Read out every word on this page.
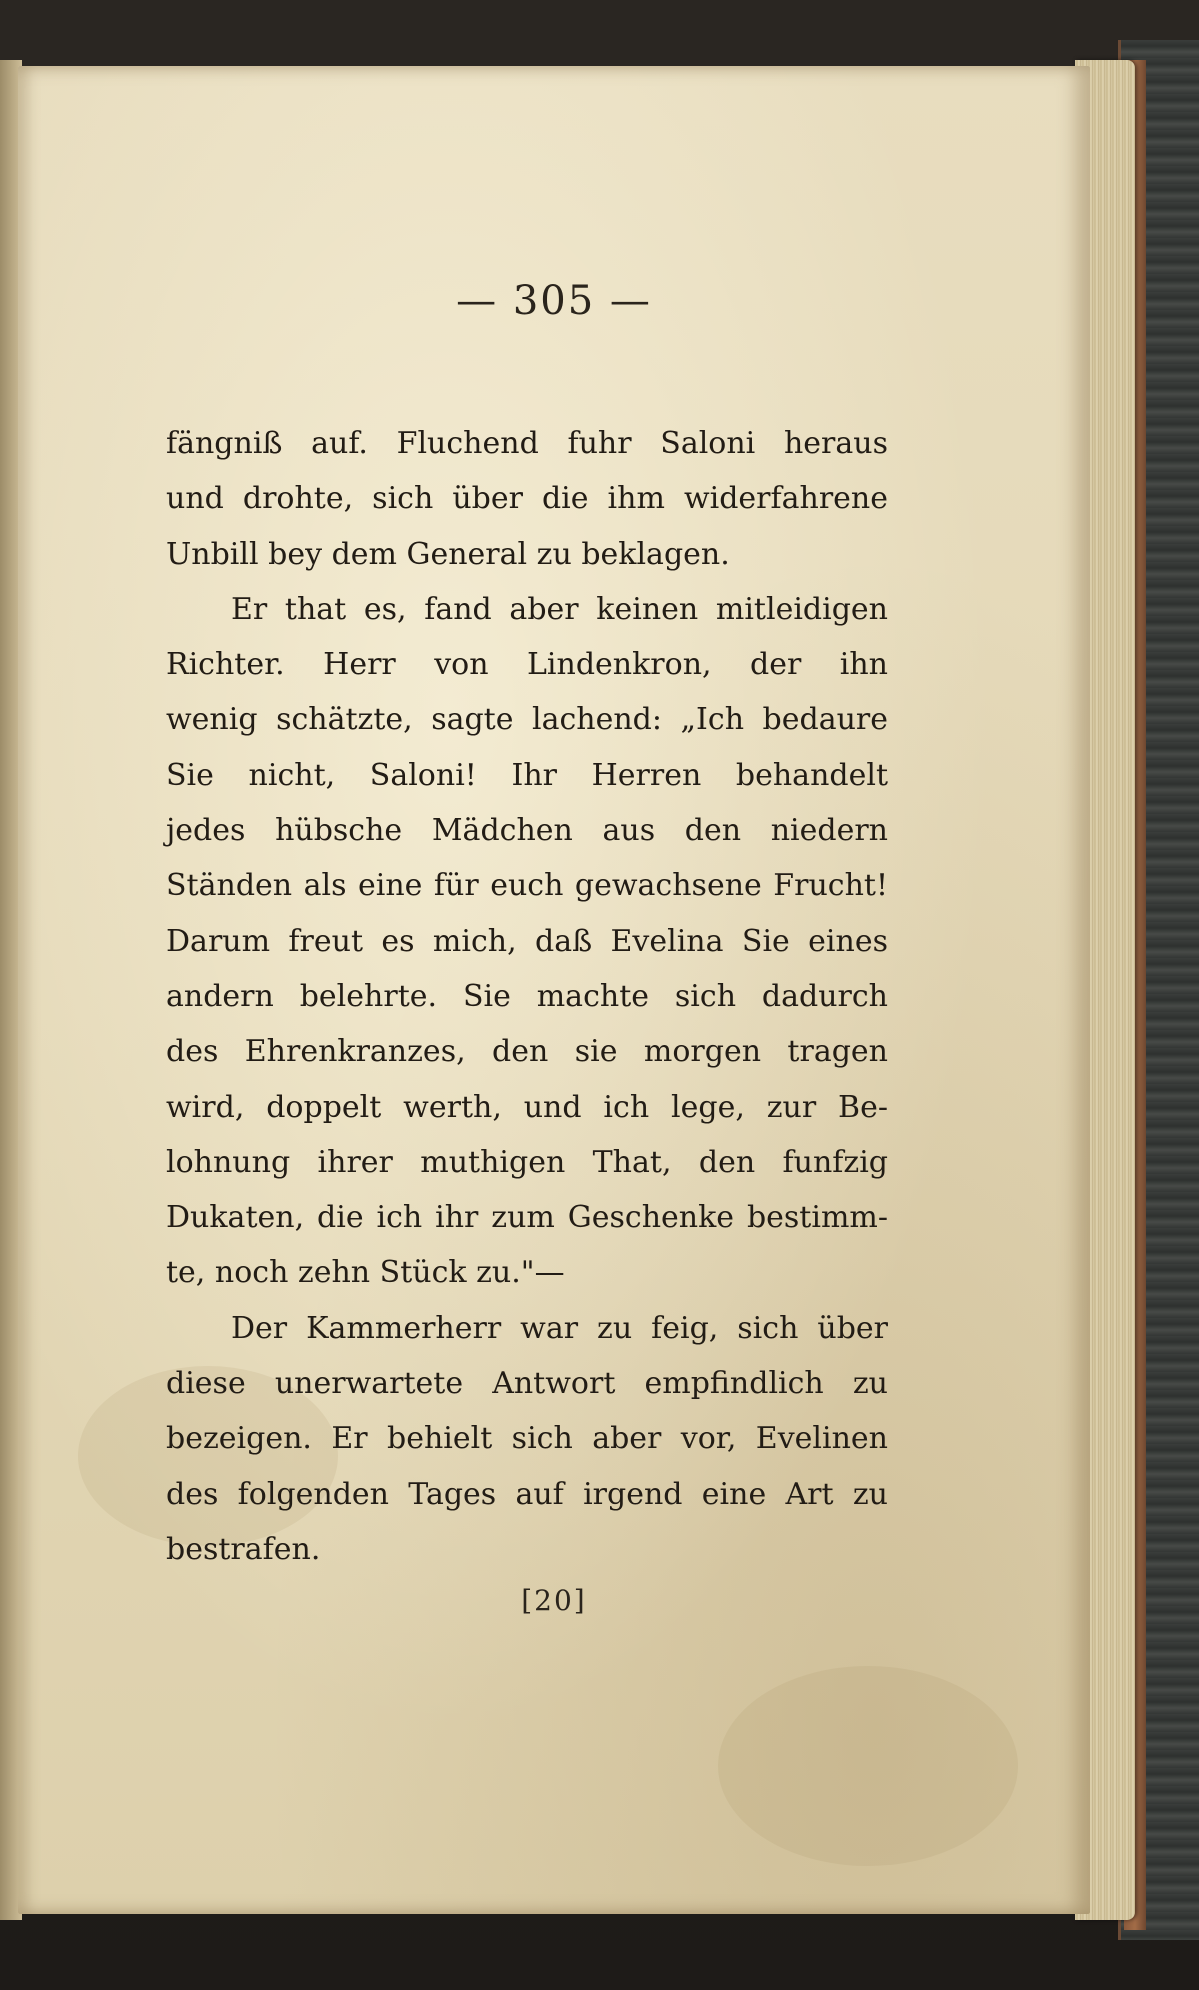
— 305 —
fängniß auf. Fluchend fuhr Saloni heraus
und drohte, sich über die ihm widerfahrene
Unbill bey dem General zu beklagen.
Er that es, fand aber keinen mitleidigen
Richter. Herr von Lindenkron, der ihn
wenig schätzte, sagte lachend: „Ich bedaure
Sie nicht, Saloni! Ihr Herren behandelt
jedes hübsche Mädchen aus den niedern
Ständen als eine für euch gewachsene Frucht!
Darum freut es mich, daß Evelina Sie eines
andern belehrte. Sie machte sich dadurch
des Ehrenkranzes, den sie morgen tragen
wird, doppelt werth, und ich lege, zur Be-
lohnung ihrer muthigen That, den funfzig
Dukaten, die ich ihr zum Geschenke bestimm-
te, noch zehn Stück zu."—
Der Kammerherr war zu feig, sich über
diese unerwartete Antwort empfindlich zu
bezeigen. Er behielt sich aber vor, Evelinen
des folgenden Tages auf irgend eine Art zu
bestrafen.
[20]
